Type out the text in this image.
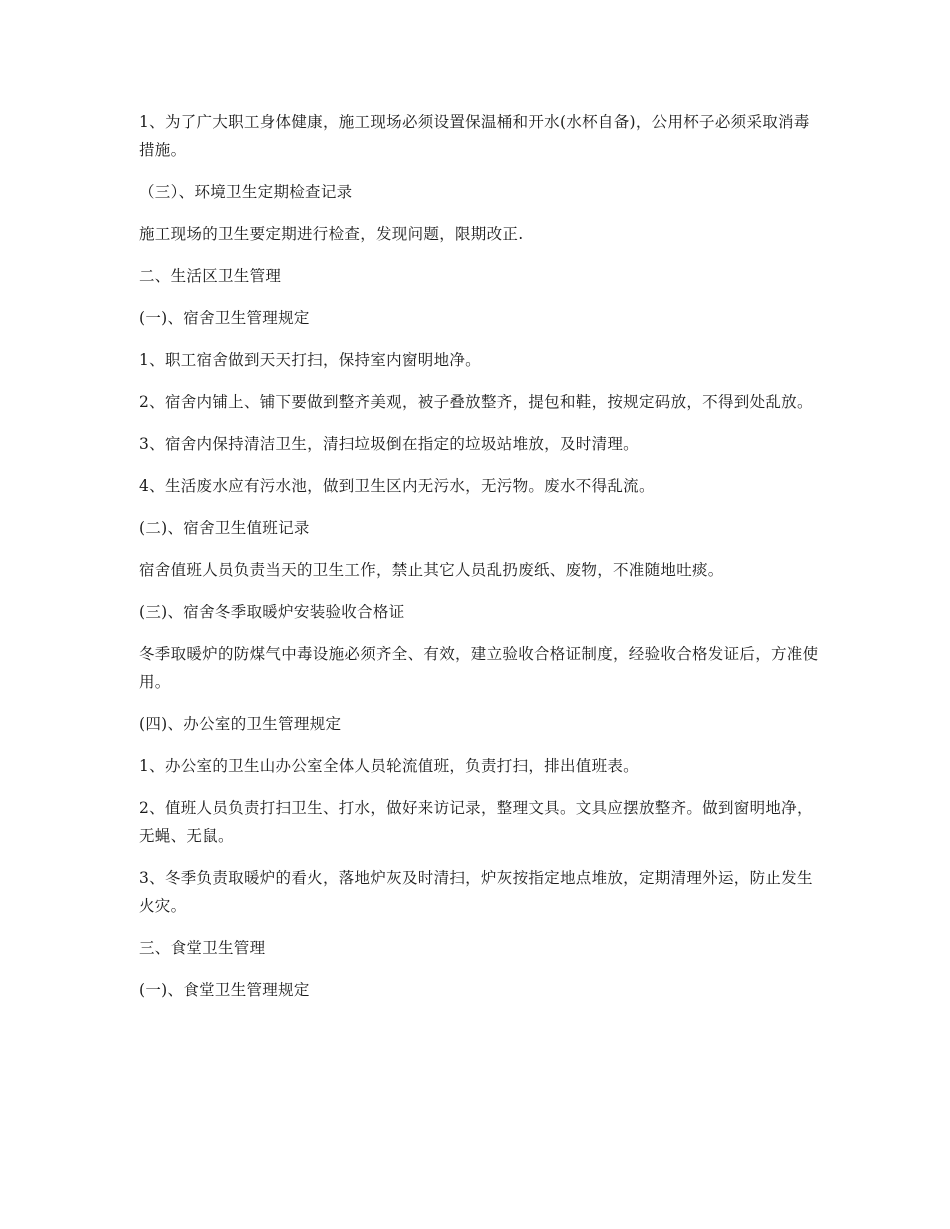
1、为了广大职工身体健康，施工现场必须设置保温桶和开水(水杯自备)，公用杯子必须采取消毒措施。

（三）、环境卫生定期检查记录

施工现场的卫生要定期进行检查，发现问题，限期改正.

二、生活区卫生管理

(一)、宿舍卫生管理规定

1、职工宿舍做到天天打扫，保持室内窗明地净。

2、宿舍内铺上、铺下要做到整齐美观，被子叠放整齐，提包和鞋，按规定码放，不得到处乱放。

3、宿舍内保持清洁卫生，清扫垃圾倒在指定的垃圾站堆放，及时清理。

4、生活废水应有污水池，做到卫生区内无污水，无污物。废水不得乱流。

(二)、宿舍卫生值班记录

宿舍值班人员负责当天的卫生工作，禁止其它人员乱扔废纸、废物，不准随地吐痰。

(三)、宿舍冬季取暖炉安装验收合格证

冬季取暖炉的防煤气中毒设施必须齐全、有效，建立验收合格证制度，经验收合格发证后，方准使用。

(四)、办公室的卫生管理规定

1、办公室的卫生山办公室全体人员轮流值班，负责打扫，排出值班表。

2、值班人员负责打扫卫生、打水，做好来访记录，整理文具。文具应摆放整齐。做到窗明地净，无蝇、无鼠。

3、冬季负责取暖炉的看火，落地炉灰及时清扫，炉灰按指定地点堆放，定期清理外运，防止发生火灾。

三、食堂卫生管理

(一)、食堂卫生管理规定
